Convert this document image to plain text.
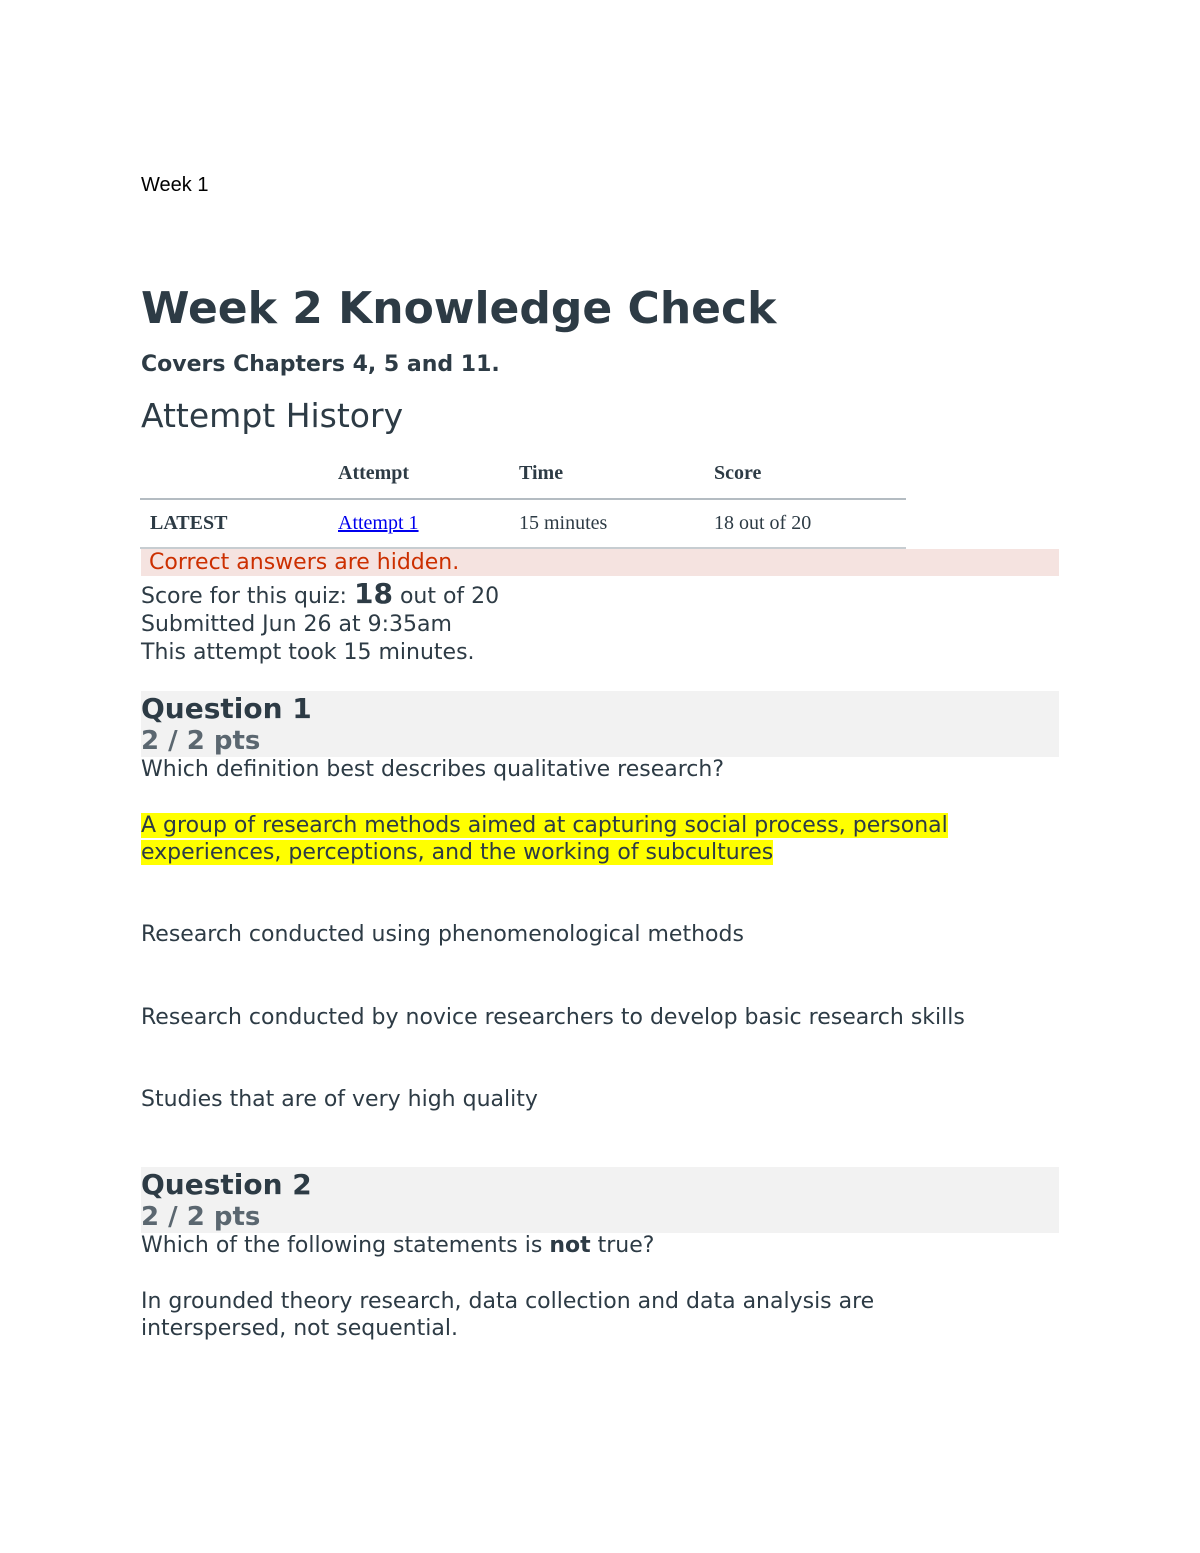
Week 1
Week 2 Knowledge Check
Covers Chapters 4, 5 and 11.
Attempt History
	Attempt	Time	Score
LATEST	Attempt 1	15 minutes	18 out of 20
Correct answers are hidden.
Score for this quiz: 18 out of 20
Submitted Jun 26 at 9:35am
This attempt took 15 minutes.
Question 1
2 / 2 pts
Which definition best describes qualitative research?
A group of research methods aimed at capturing social process, personal
experiences, perceptions, and the working of subcultures
Research conducted using phenomenological methods
Research conducted by novice researchers to develop basic research skills
Studies that are of very high quality
Question 2
2 / 2 pts
Which of the following statements is not true?
In grounded theory research, data collection and data analysis are
interspersed, not sequential.
